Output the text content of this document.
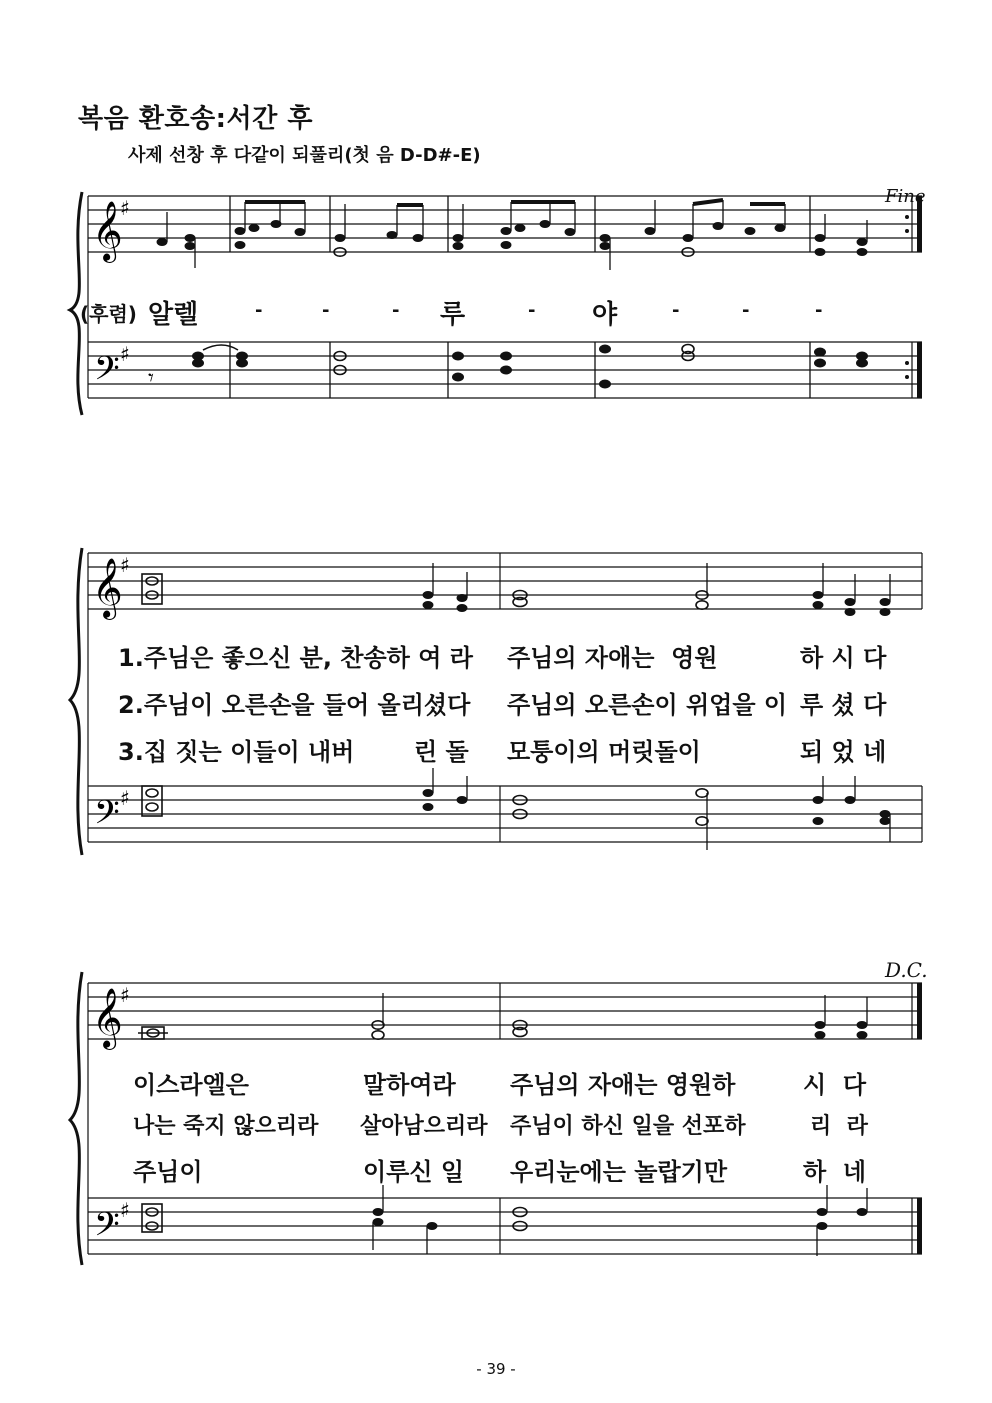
복음 환호송:서간 후
사제 선창 후 다같이 되풀리(첫 음 D-D#-E)
𝄞
𝄢
♯
♯
𝄾
(후렴) 알렐	-	-	- 루	- 야	-	-	-
Fine
𝄞
𝄢
♯
♯
1.주님은 좋으신 분, 찬송하 여 라 주님의 자애는  영원	하 시 다
2.주님이 오른손을 들어 올리셨다 주님의 오른손이 위업을 이 루 셨 다
3.집 짓는 이들이 내버 린 돌 모퉁이의 머릿돌이	되 었 네
𝄞
𝄢
♯
♯
D.C.
이스라엘은	말하여라 주님의 자애는 영원하	시  다
나는 죽지 않으리라 살아남으리라 주님이 하신 일을 선포하	리  라
주님이	이루신 일 우리눈에는 놀랍기만	하  네
- 39 -
